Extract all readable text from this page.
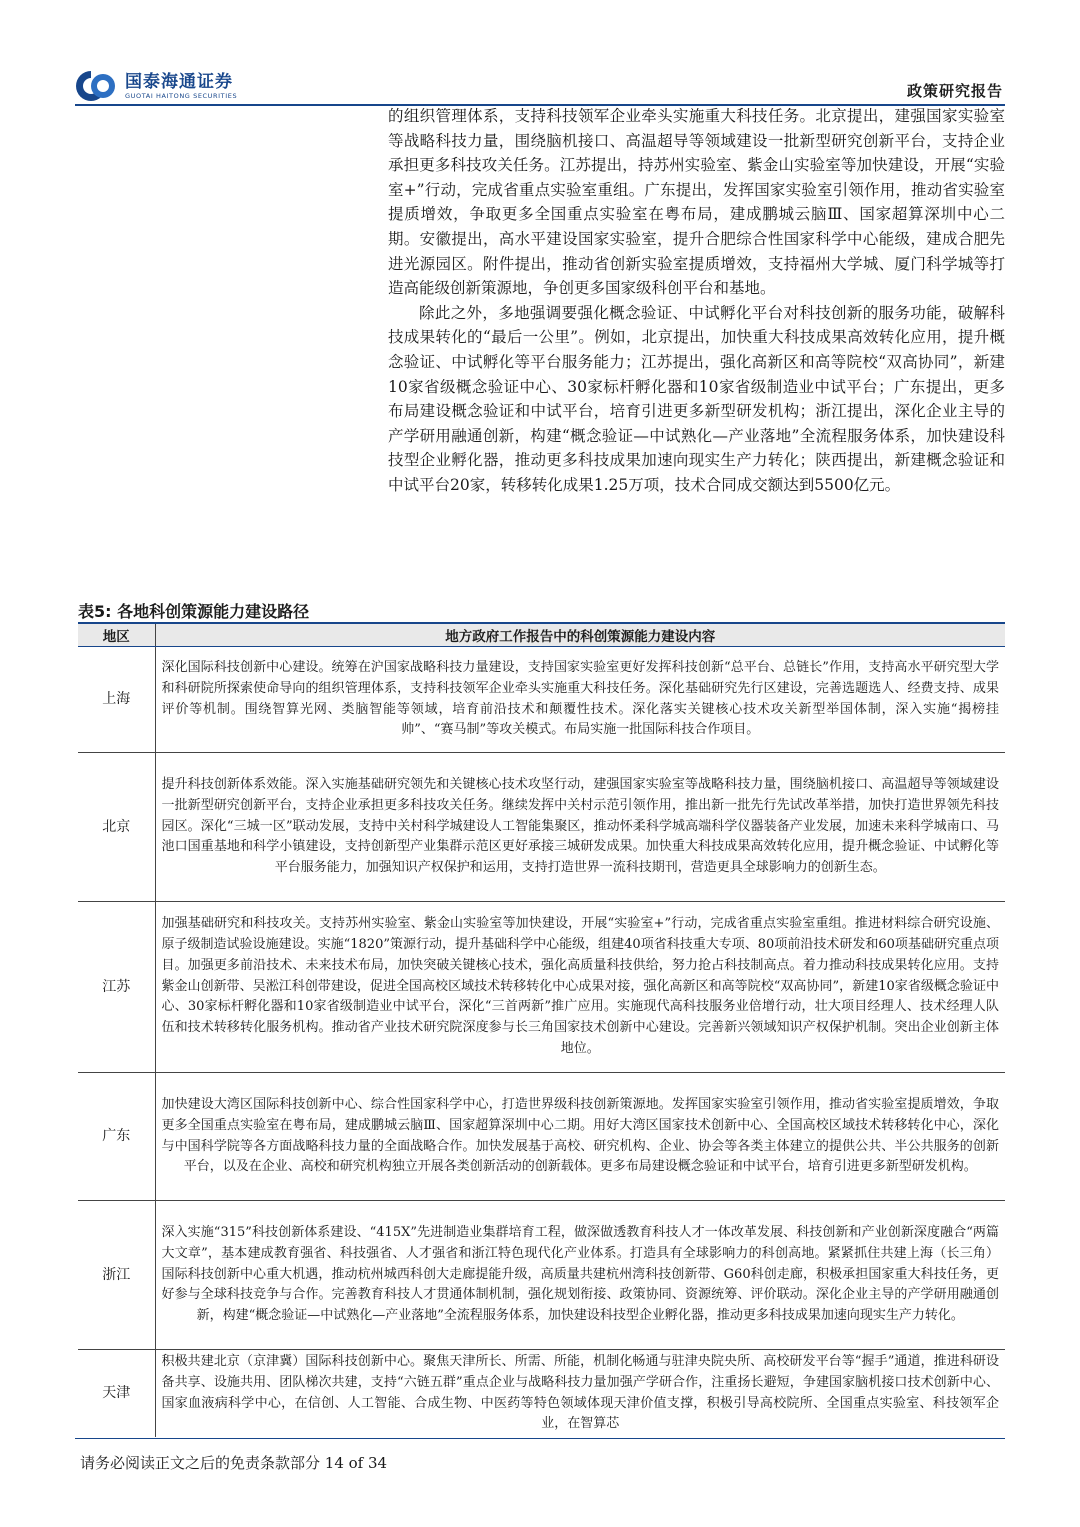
国泰海通证券
GUOTAI HAITONG SECURITIES	政策研究报告

的组织管理体系，支持科技领军企业牵头实施重大科技任务。北京提出，建强国家实验室等战略科技力量，围绕脑机接口、高温超导等领域建设一批新型研究创新平台，支持企业承担更多科技攻关任务。江苏提出，持苏州实验室、紫金山实验室等加快建设，开展“实验室+”行动，完成省重点实验室重组。广东提出，发挥国家实验室引领作用，推动省实验室提质增效，争取更多全国重点实验室在粤布局，建成鹏城云脑Ⅲ、国家超算深圳中心二期。安徽提出，高水平建设国家实验室，提升合肥综合性国家科学中心能级，建成合肥先进光源园区。附件提出，推动省创新实验室提质增效，支持福州大学城、厦门科学城等打造高能级创新策源地，争创更多国家级科创平台和基地。

除此之外，多地强调要强化概念验证、中试孵化平台对科技创新的服务功能，破解科技成果转化的“最后一公里”。例如，北京提出，加快重大科技成果高效转化应用，提升概念验证、中试孵化等平台服务能力；江苏提出，强化高新区和高等院校“双高协同”，新建10家省级概念验证中心、30家标杆孵化器和10家省级制造业中试平台；广东提出，更多布局建设概念验证和中试平台，培育引进更多新型研发机构；浙江提出，深化企业主导的产学研用融通创新，构建“概念验证—中试熟化—产业落地”全流程服务体系，加快建设科技型企业孵化器，推动更多科技成果加速向现实生产力转化；陕西提出，新建概念验证和中试平台20家，转移转化成果1.25万项，技术合同成交额达到5500亿元。

表5: 各地科创策源能力建设路径
地区	地方政府工作报告中的科创策源能力建设内容
上海	深化国际科技创新中心建设。统筹在沪国家战略科技力量建设，支持国家实验室更好发挥科技创新“总平台、总链长”作用，支持高水平研究型大学和科研院所探索使命导向的组织管理体系，支持科技领军企业牵头实施重大科技任务。深化基础研究先行区建设，完善选题选人、经费支持、成果评价等机制。围绕智算光网、类脑智能等领域，培育前沿技术和颠覆性技术。深化落实关键核心技术攻关新型举国体制，深入实施“揭榜挂帅”、“赛马制”等攻关模式。布局实施一批国际科技合作项目。
北京	提升科技创新体系效能。深入实施基础研究领先和关键核心技术攻坚行动，建强国家实验室等战略科技力量，围绕脑机接口、高温超导等领域建设一批新型研究创新平台，支持企业承担更多科技攻关任务。继续发挥中关村示范引领作用，推出新一批先行先试改革举措，加快打造世界领先科技园区。深化“三城一区”联动发展，支持中关村科学城建设人工智能集聚区，推动怀柔科学城高端科学仪器装备产业发展，加速未来科学城南口、马池口国重基地和科学小镇建设，支持创新型产业集群示范区更好承接三城研发成果。加快重大科技成果高效转化应用，提升概念验证、中试孵化等平台服务能力，加强知识产权保护和运用，支持打造世界一流科技期刊，营造更具全球影响力的创新生态。
江苏	加强基础研究和科技攻关。支持苏州实验室、紫金山实验室等加快建设，开展“实验室+”行动，完成省重点实验室重组。推进材料综合研究设施、原子级制造试验设施建设。实施“1820”策源行动，提升基础科学中心能级，组建40项省科技重大专项、80项前沿技术研发和60项基础研究重点项目。加强更多前沿技术、未来技术布局，加快突破关键核心技术，强化高质量科技供给，努力抢占科技制高点。着力推动科技成果转化应用。支持紫金山创新带、吴淞江科创带建设，促进全国高校区域技术转移转化中心成果对接，强化高新区和高等院校“双高协同”，新建10家省级概念验证中心、30家标杆孵化器和10家省级制造业中试平台，深化“三首两新”推广应用。实施现代高科技服务业倍增行动，壮大项目经理人、技术经理人队伍和技术转移转化服务机构。推动省产业技术研究院深度参与长三角国家技术创新中心建设。完善新兴领域知识产权保护机制。突出企业创新主体地位。
广东	加快建设大湾区国际科技创新中心、综合性国家科学中心，打造世界级科技创新策源地。发挥国家实验室引领作用，推动省实验室提质增效，争取更多全国重点实验室在粤布局，建成鹏城云脑Ⅲ、国家超算深圳中心二期。用好大湾区国家技术创新中心、全国高校区域技术转移转化中心，深化与中国科学院等各方面战略科技力量的全面战略合作。加快发展基于高校、研究机构、企业、协会等各类主体建立的提供公共、半公共服务的创新平台，以及在企业、高校和研究机构独立开展各类创新活动的创新载体。更多布局建设概念验证和中试平台，培育引进更多新型研发机构。
浙江	深入实施“315”科技创新体系建设、“415X”先进制造业集群培育工程，做深做透教育科技人才一体改革发展、科技创新和产业创新深度融合“两篇大文章”，基本建成教育强省、科技强省、人才强省和浙江特色现代化产业体系。打造具有全球影响力的科创高地。紧紧抓住共建上海（长三角）国际科技创新中心重大机遇，推动杭州城西科创大走廊提能升级，高质量共建杭州湾科技创新带、G60科创走廊，积极承担国家重大科技任务，更好参与全球科技竞争与合作。完善教育科技人才贯通体制机制，强化规划衔接、政策协同、资源统筹、评价联动。深化企业主导的产学研用融通创新，构建“概念验证—中试熟化—产业落地”全流程服务体系，加快建设科技型企业孵化器，推动更多科技成果加速向现实生产力转化。
天津	积极共建北京（京津冀）国际科技创新中心。聚焦天津所长、所需、所能，机制化畅通与驻津央院央所、高校研发平台等“握手”通道，推进科研设备共享、设施共用、团队梯次共建，支持“六链五群”重点企业与战略科技力量加强产学研合作，注重扬长避短，争建国家脑机接口技术创新中心、国家血液病科学中心，在信创、人工智能、合成生物、中医药等特色领域体现天津价值支撑，积极引导高校院所、全国重点实验室、科技领军企业，在智算芯
请务必阅读正文之后的免责条款部分 14 of 34
